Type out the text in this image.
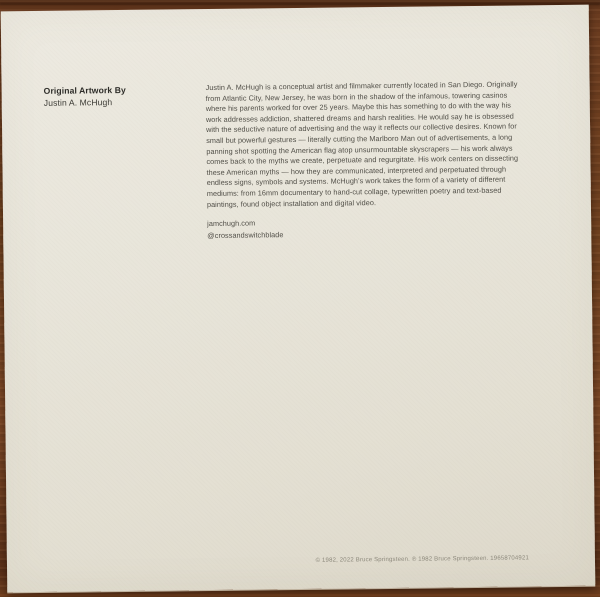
Original Artwork By
Justin A. McHugh
Justin A. McHugh is a conceptual artist and filmmaker currently located in San Diego. Originally from Atlantic City, New Jersey, he was born in the shadow of the infamous, towering casinos where his parents worked for over 25 years. Maybe this has something to do with the way his work addresses addiction, shattered dreams and harsh realities. He would say he is obsessed with the seductive nature of advertising and the way it reflects our collective desires. Known for small but powerful gestures — literally cutting the Marlboro Man out of advertisements, a long panning shot spotting the American flag atop unsurmountable skyscrapers — his work always comes back to the myths we create, perpetuate and regurgitate. His work centers on dissecting these American myths — how they are communicated, interpreted and perpetuated through endless signs, symbols and systems. McHugh’s work takes the form of a variety of different mediums: from 16mm documentary to hand-cut collage, typewritten poetry and text-based paintings, found object installation and digital video.
jamchugh.com
@crossandswitchblade
© 1982, 2022 Bruce Springsteen. ℗ 1982 Bruce Springsteen. 19658704921
